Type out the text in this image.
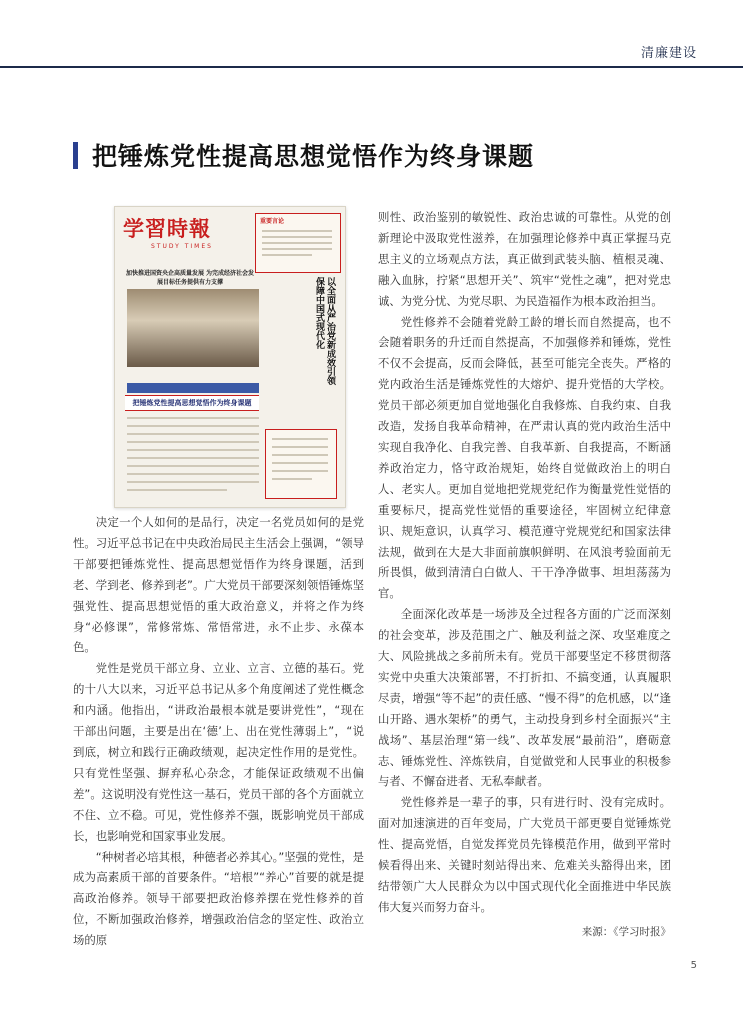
清廉建设
把锤炼党性提高思想觉悟作为终身课题
学習時報
STUDY TIMES
重要言论
加快推进国资央企高质量发展 为完成经济社会发展目标任务提供有力支撑	以全面从严治党新成效引领保障中国式现代化
把锤炼党性提高思想觉悟作为终身课题

决定一个人如何的是品行，决定一名党员如何的是党性。习近平总书记在中央政治局民主生活会上强调，“领导干部要把锤炼党性、提高思想觉悟作为终身课题，活到老、学到老、修养到老”。广大党员干部要深刻领悟锤炼坚强党性、提高思想觉悟的重大政治意义，并将之作为终身“必修课”，常修常炼、常悟常进，永不止步、永葆本色。

党性是党员干部立身、立业、立言、立德的基石。党的十八大以来，习近平总书记从多个角度阐述了党性概念和内涵。他指出，“讲政治最根本就是要讲党性”，“现在干部出问题，主要是出在‘德’上、出在党性薄弱上”，“说到底，树立和践行正确政绩观，起决定性作用的是党性。只有党性坚强、摒弃私心杂念，才能保证政绩观不出偏差”。这说明没有党性这一基石，党员干部的各个方面就立不住、立不稳。可见，党性修养不强，既影响党员干部成长，也影响党和国家事业发展。

“种树者必培其根，种德者必养其心。”坚强的党性，是成为高素质干部的首要条件。“培根”“养心”首要的就是提高政治修养。领导干部要把政治修养摆在党性修养的首位，不断加强政治修养，增强政治信念的坚定性、政治立场的原

则性、政治鉴别的敏锐性、政治忠诚的可靠性。从党的创新理论中汲取党性滋养，在加强理论修养中真正掌握马克思主义的立场观点方法，真正做到武装头脑、植根灵魂、融入血脉，拧紧“思想开关”、筑牢“党性之魂”，把对党忠诚、为党分忧、为党尽职、为民造福作为根本政治担当。

党性修养不会随着党龄工龄的增长而自然提高，也不会随着职务的升迁而自然提高，不加强修养和锤炼，党性不仅不会提高，反而会降低，甚至可能完全丧失。严格的党内政治生活是锤炼党性的大熔炉、提升党悟的大学校。党员干部必须更加自觉地强化自我修炼、自我约束、自我改造，发扬自我革命精神，在严肃认真的党内政治生活中实现自我净化、自我完善、自我革新、自我提高，不断涵养政治定力，恪守政治规矩，始终自觉做政治上的明白人、老实人。更加自觉地把党规党纪作为衡量党性觉悟的重要标尺，提高党性觉悟的重要途径，牢固树立纪律意识、规矩意识，认真学习、模范遵守党规党纪和国家法律法规，做到在大是大非面前旗帜鲜明、在风浪考验面前无所畏惧，做到清清白白做人、干干净净做事、坦坦荡荡为官。

全面深化改革是一场涉及全过程各方面的广泛而深刻的社会变革，涉及范围之广、触及利益之深、攻坚难度之大、风险挑战之多前所未有。党员干部要坚定不移贯彻落实党中央重大决策部署，不打折扣、不搞变通，认真履职尽责，增强“等不起”的责任感、“慢不得”的危机感，以“逢山开路、遇水架桥”的勇气，主动投身到乡村全面振兴“主战场”、基层治理“第一线”、改革发展“最前沿”，磨砺意志、锤炼党性、淬炼铁肩，自觉做党和人民事业的积极参与者、不懈奋进者、无私奉献者。

党性修养是一辈子的事，只有进行时、没有完成时。面对加速演进的百年变局，广大党员干部更要自觉锤炼党性、提高党悟，自觉发挥党员先锋模范作用，做到平常时候看得出来、关键时刻站得出来、危难关头豁得出来，团结带领广大人民群众为以中国式现代化全面推进中华民族伟大复兴而努力奋斗。

来源：《学习时报》
5
